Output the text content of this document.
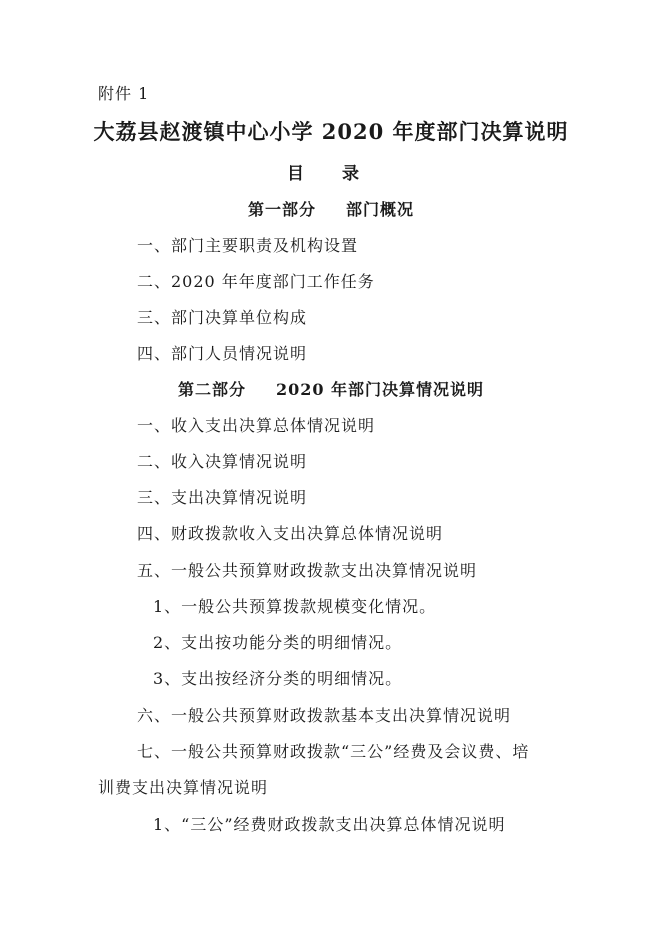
附件 1
大荔县赵渡镇中心小学 2020 年度部门决算说明
目 录
第一部分 部门概况
一、部门主要职责及机构设置
二、2020 年年度部门工作任务
三、部门决算单位构成
四、部门人员情况说明
第二部分 2020 年部门决算情况说明
一、收入支出决算总体情况说明
二、收入决算情况说明
三、支出决算情况说明
四、财政拨款收入支出决算总体情况说明
五、一般公共预算财政拨款支出决算情况说明
1、一般公共预算拨款规模变化情况。
2、支出按功能分类的明细情况。
3、支出按经济分类的明细情况。
六、一般公共预算财政拨款基本支出决算情况说明
七、一般公共预算财政拨款“三公”经费及会议费、培
训费支出决算情况说明
1、“三公”经费财政拨款支出决算总体情况说明
